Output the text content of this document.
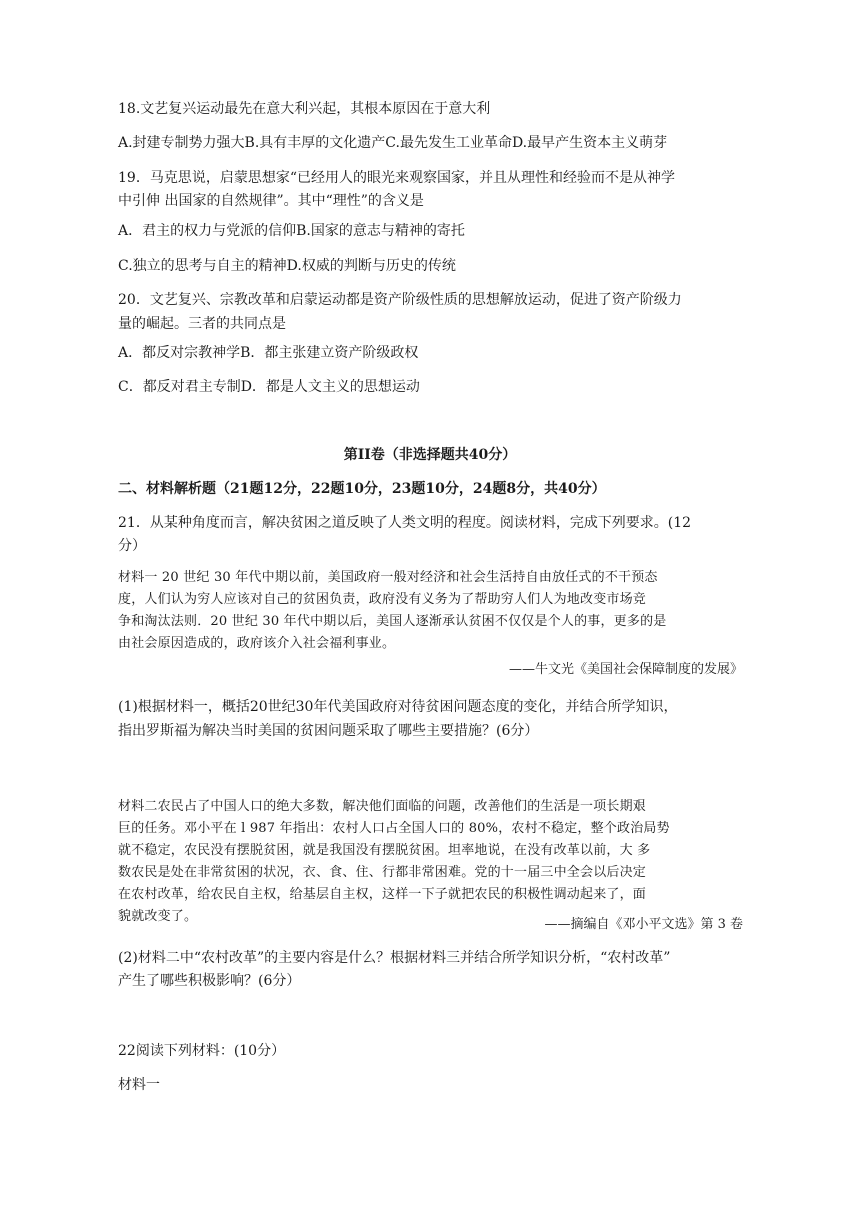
18.文艺复兴运动最先在意大利兴起，其根本原因在于意大利
A.封建专制势力强大B.具有丰厚的文化遗产C.最先发生工业革命D.最早产生资本主义萌芽
19．马克思说，启蒙思想家“已经用人的眼光来观察国家，并且从理性和经验而不是从神学
中引伸 出国家的自然规律”。其中“理性”的含义是
A．君主的权力与党派的信仰B.国家的意志与精神的寄托
C.独立的思考与自主的精神D.权威的判断与历史的传统
20．文艺复兴、宗教改革和启蒙运动都是资产阶级性质的思想解放运动，促进了资产阶级力
量的崛起。三者的共同点是
A．都反对宗教神学B．都主张建立资产阶级政权
C．都反对君主专制D．都是人文主义的思想运动
第II卷（非选择题共40分）
二、材料解析题（21题12分，22题10分，23题10分，24题8分，共40分）
21．从某种角度而言，解决贫困之道反映了人类文明的程度。阅读材料，完成下列要求。(12
分）
材料一 20 世纪 30 年代中期以前，美国政府一般对经济和社会生活持自由放任式的不干预态
度，人们认为穷人应该对自己的贫困负责，政府没有义务为了帮助穷人们人为地改变市场竞
争和淘汰法则．20 世纪 30 年代中期以后，美国人逐渐承认贫困不仅仅是个人的事，更多的是
由社会原因造成的，政府该介入社会福利事业。
——牛文光《美国社会保障制度的发展》
(1)根据材料一，概括20世纪30年代美国政府对待贫困问题态度的变化，并结合所学知识，
指出罗斯福为解决当时美国的贫困问题采取了哪些主要措施？(6分）
材料二农民占了中国人口的绝大多数，解决他们面临的问题，改善他们的生活是一项长期艰
巨的任务。邓小平在 l 987 年指出：农村人口占全国人口的 80%，农村不稳定，整个政治局势
就不稳定，农民没有摆脱贫困，就是我国没有摆脱贫困。坦率地说，在没有改革以前，大 多
数农民是处在非常贫困的状况，衣、食、住、行都非常困难。党的十一届三中全会以后决定
在农村改革，给农民自主权，给基层自主权，这样一下子就把农民的积极性调动起来了，面
貌就改变了。
——摘编自《邓小平文选》第 3 卷
(2)材料二中“农村改革”的主要内容是什么？根据材料三并结合所学知识分析，“农村改革”
产生了哪些积极影响？(6分）
22阅读下列材料：(10分）
材料一
